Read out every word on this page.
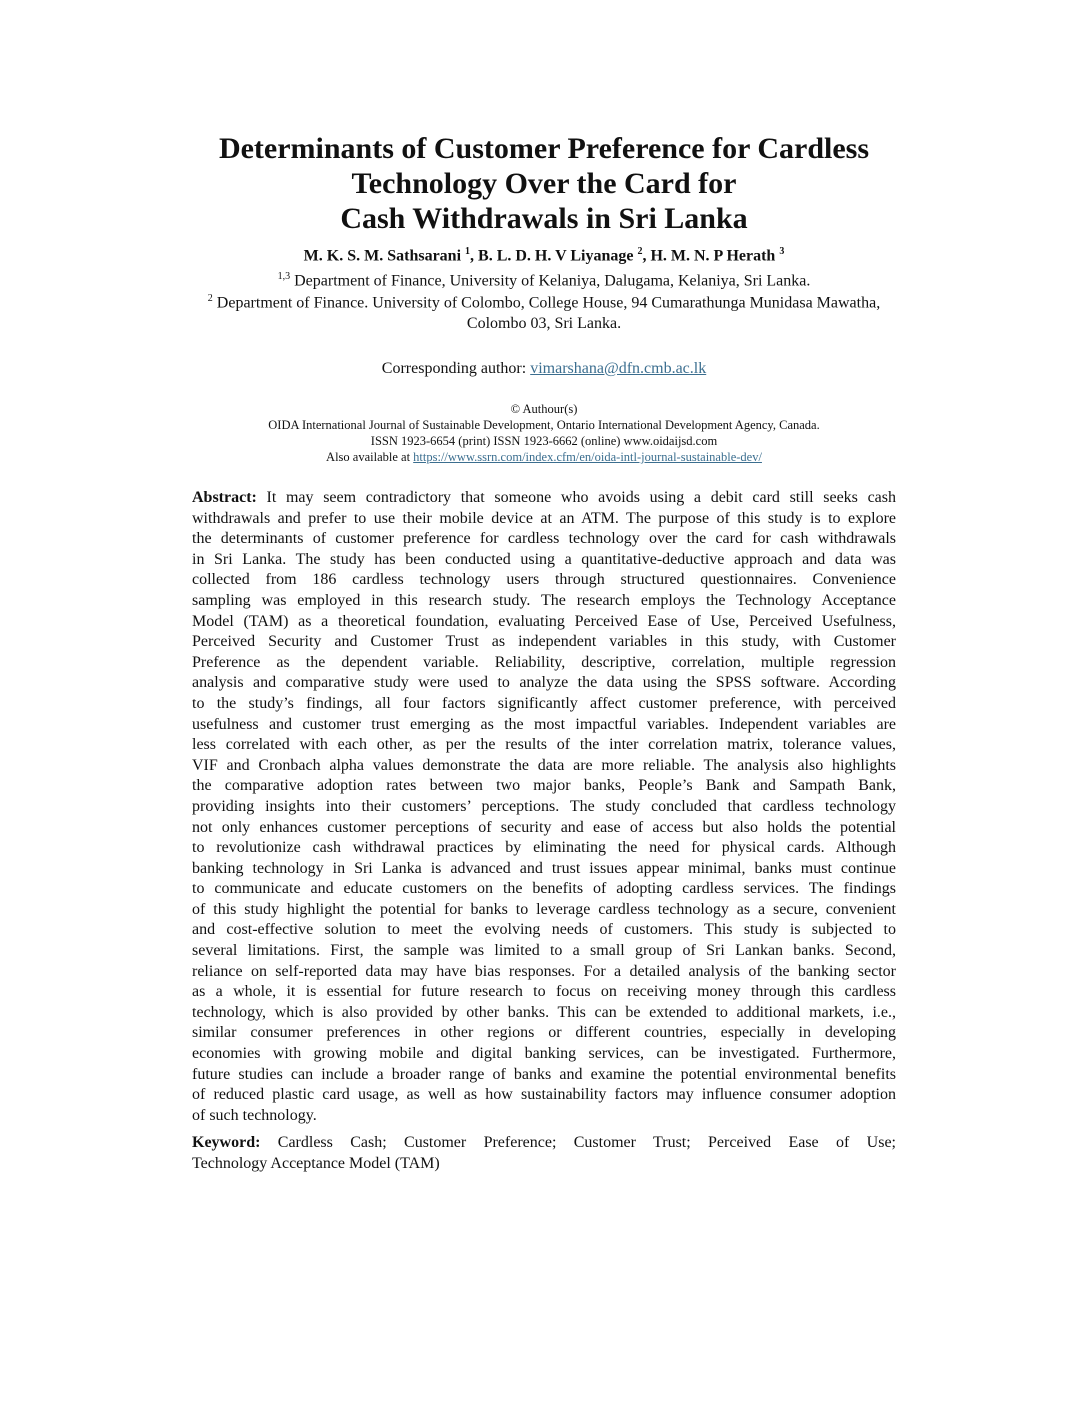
Determinants of Customer Preference for Cardless
Technology Over the Card for
Cash Withdrawals in Sri Lanka
M. K. S. M. Sathsarani $^1$, B. L. D. H. V Liyanage $^2$, H. M. N. P Herath $^3$
$^{1,3}$ Department of Finance, University of Kelaniya, Dalugama, Kelaniya, Sri Lanka.
$^2$ Department of Finance. University of Colombo, College House, 94 Cumarathunga Munidasa Mawatha,
Colombo 03, Sri Lanka.
Corresponding author: vimarshana@dfn.cmb.ac.lk
© Authour(s)
OIDA International Journal of Sustainable Development, Ontario International Development Agency, Canada.
ISSN 1923-6654 (print) ISSN 1923-6662 (online) www.oidaijsd.com
Also available at https://www.ssrn.com/index.cfm/en/oida-intl-journal-sustainable-dev/
Abstract: It may seem contradictory that someone who avoids using a debit card still seeks cash
withdrawals and prefer to use their mobile device at an ATM. The purpose of this study is to explore
the determinants of customer preference for cardless technology over the card for cash withdrawals
in Sri Lanka. The study has been conducted using a quantitative-deductive approach and data was
collected from 186 cardless technology users through structured questionnaires. Convenience
sampling was employed in this research study. The research employs the Technology Acceptance
Model (TAM) as a theoretical foundation, evaluating Perceived Ease of Use, Perceived Usefulness,
Perceived Security and Customer Trust as independent variables in this study, with Customer
Preference as the dependent variable. Reliability, descriptive, correlation, multiple regression
analysis and comparative study were used to analyze the data using the SPSS software. According
to the study’s findings, all four factors significantly affect customer preference, with perceived
usefulness and customer trust emerging as the most impactful variables. Independent variables are
less correlated with each other, as per the results of the inter correlation matrix, tolerance values,
VIF and Cronbach alpha values demonstrate the data are more reliable. The analysis also highlights
the comparative adoption rates between two major banks, People’s Bank and Sampath Bank,
providing insights into their customers’ perceptions. The study concluded that cardless technology
not only enhances customer perceptions of security and ease of access but also holds the potential
to revolutionize cash withdrawal practices by eliminating the need for physical cards. Although
banking technology in Sri Lanka is advanced and trust issues appear minimal, banks must continue
to communicate and educate customers on the benefits of adopting cardless services. The findings
of this study highlight the potential for banks to leverage cardless technology as a secure, convenient
and cost-effective solution to meet the evolving needs of customers. This study is subjected to
several limitations. First, the sample was limited to a small group of Sri Lankan banks. Second,
reliance on self-reported data may have bias responses. For a detailed analysis of the banking sector
as a whole, it is essential for future research to focus on receiving money through this cardless
technology, which is also provided by other banks. This can be extended to additional markets, i.e.,
similar consumer preferences in other regions or different countries, especially in developing
economies with growing mobile and digital banking services, can be investigated. Furthermore,
future studies can include a broader range of banks and examine the potential environmental benefits
of reduced plastic card usage, as well as how sustainability factors may influence consumer adoption
of such technology.
Keyword: Cardless Cash; Customer Preference; Customer Trust; Perceived Ease of Use;
Technology Acceptance Model (TAM)
